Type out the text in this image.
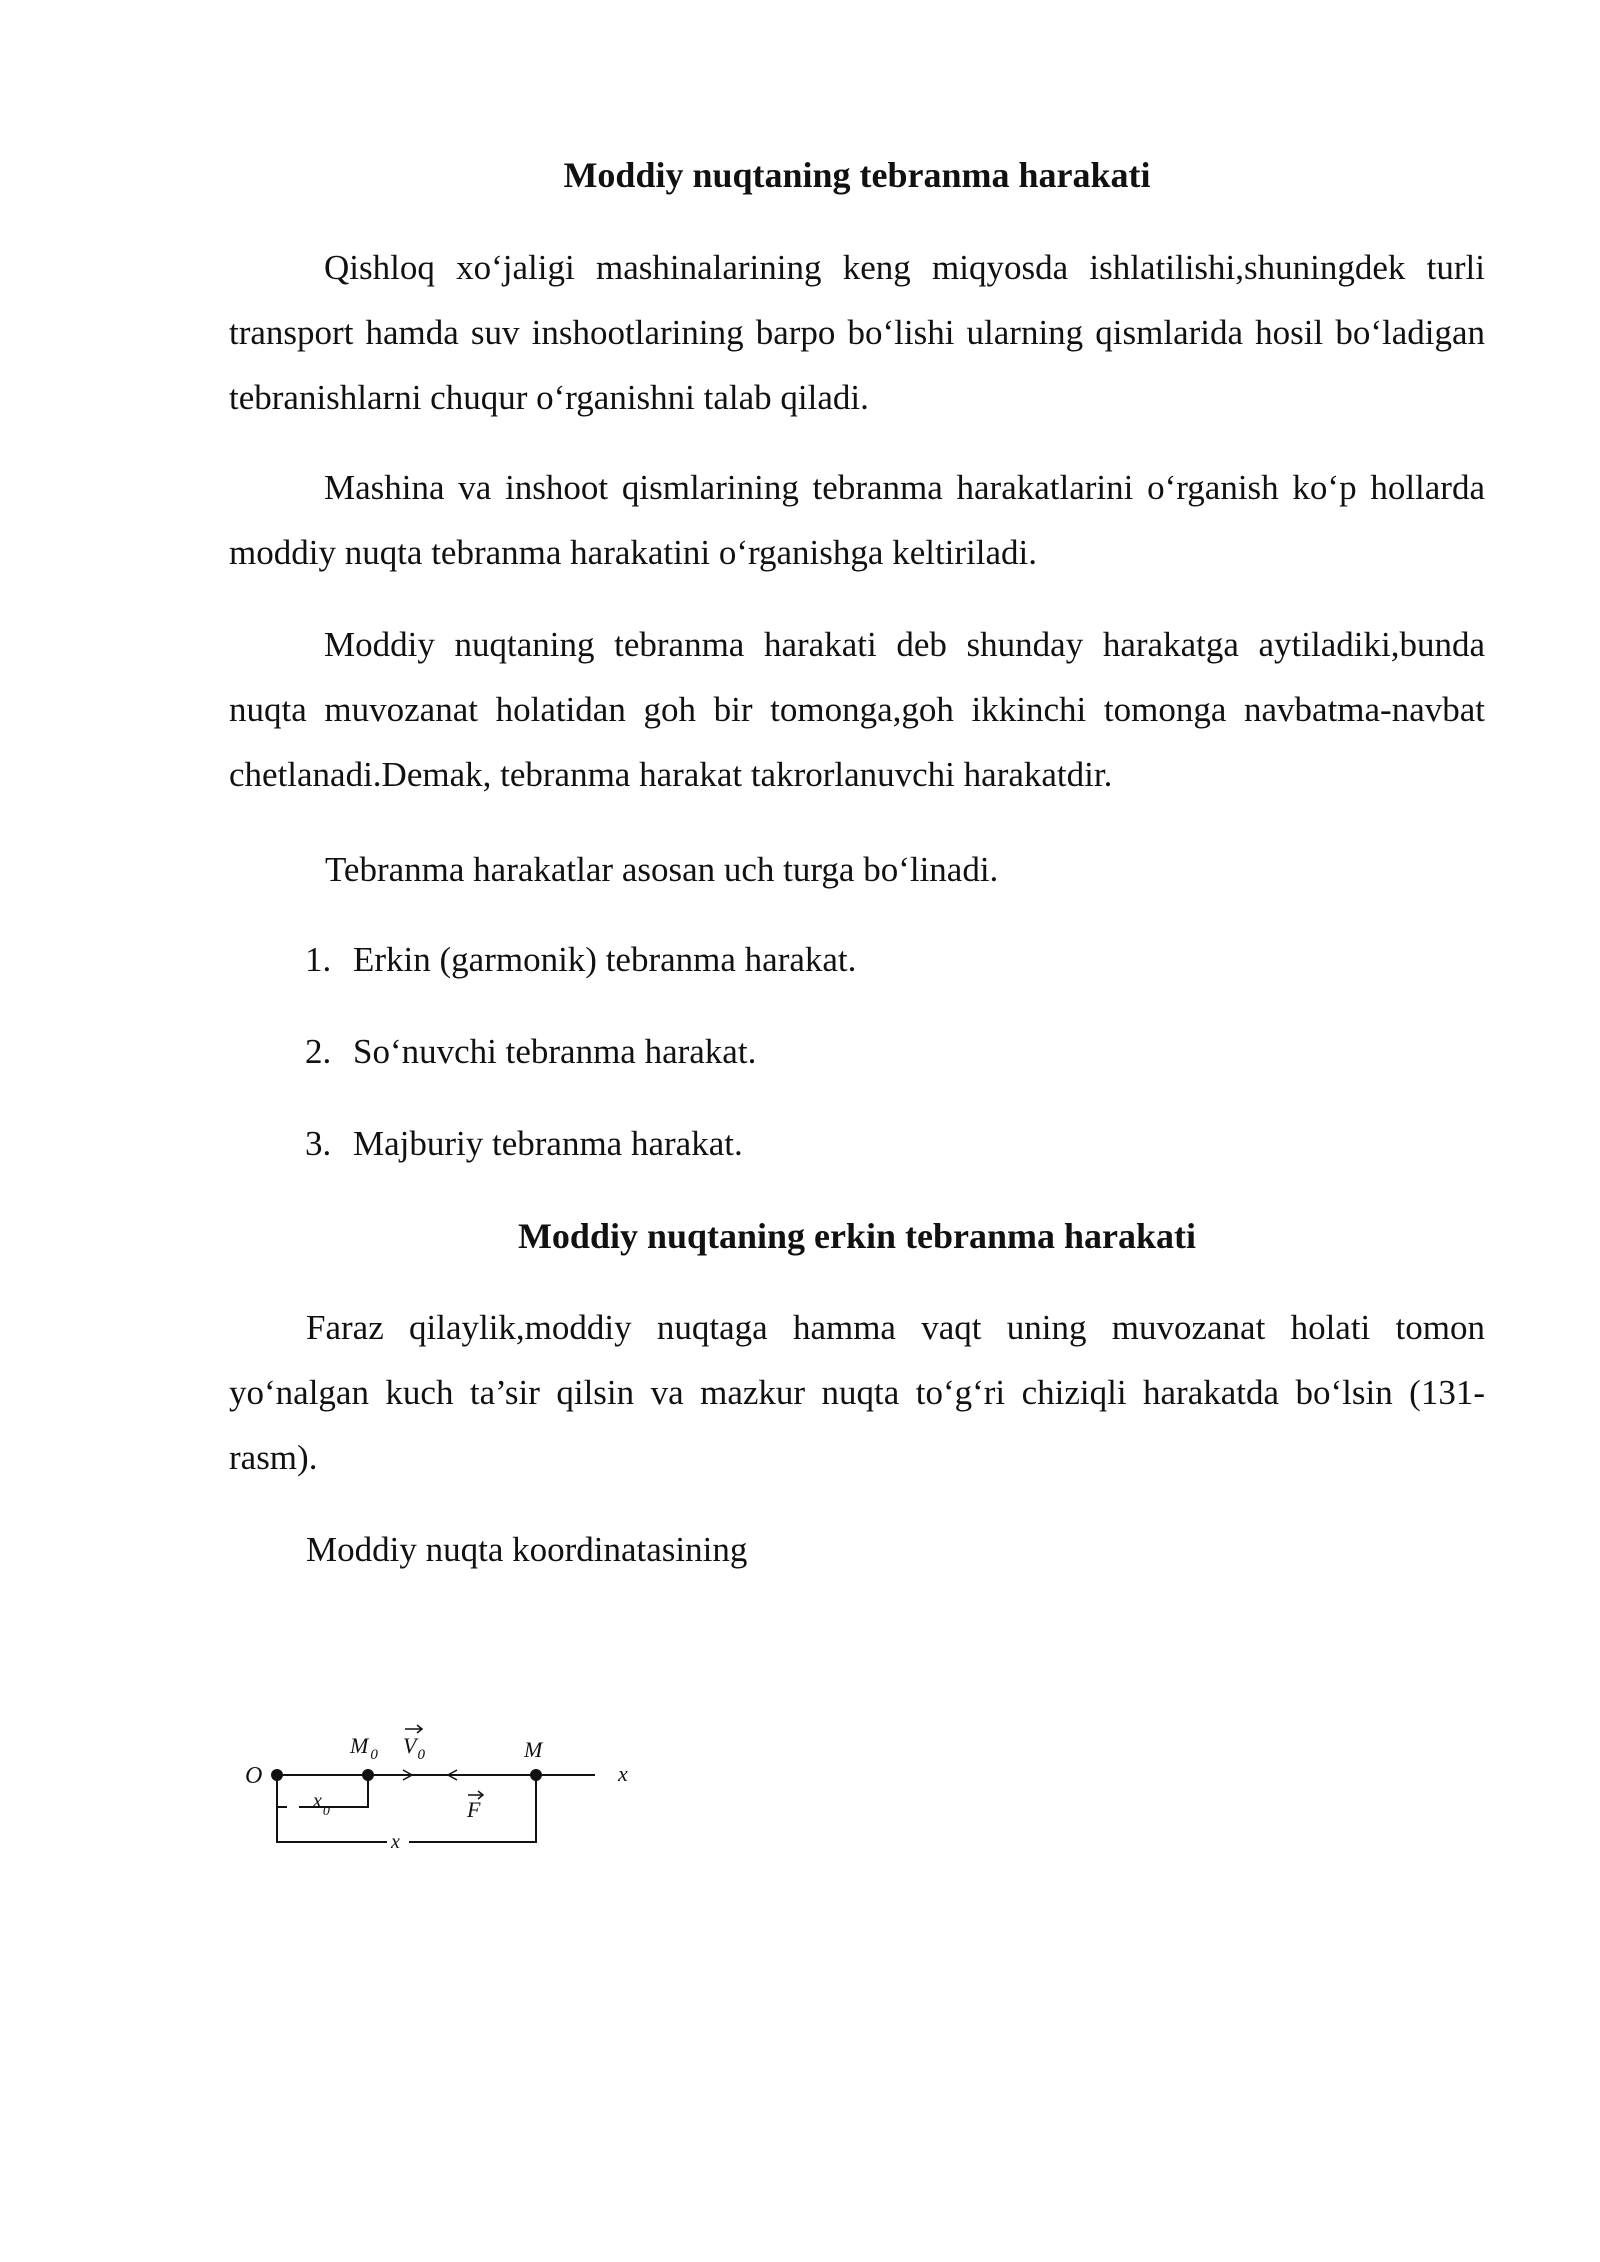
Moddiy nuqtaning tebranma harakati

Qishloq xo‘jaligi mashinalarining keng miqyosda ishlatilishi,shuningdek turli transport hamda suv inshootlarining barpo bo‘lishi ularning qismlarida hosil bo‘ladigan tebranishlarni chuqur o‘rganishni talab qiladi.

Mashina va inshoot qismlarining tebranma harakatlarini o‘rganish ko‘p hollarda moddiy nuqta tebranma harakatini o‘rganishga keltiriladi.

Moddiy nuqtaning tebranma harakati deb shunday harakatga aytiladiki,bunda nuqta muvozanat holatidan goh bir tomonga,goh ikkinchi tomonga navbatma-navbat chetlanadi.Demak, tebranma harakat takrorlanuvchi harakatdir.

Tebranma harakatlar asosan uch turga bo‘linadi.

1. Erkin (garmonik) tebranma harakat.
2. So‘nuvchi tebranma harakat.
3. Majburiy tebranma harakat.
Moddiy nuqtaning erkin tebranma harakati

Faraz qilaylik,moddiy nuqtaga hamma vaqt uning muvozanat holati tomon yo‘nalgan kuch ta’sir qilsin va mazkur nuqta to‘g‘ri chiziqli harakatda bo‘lsin (131-rasm).

Moddiy nuqta koordinatasining

O
M $_0$ $V_0$	M
x
$x_0$	F
x
